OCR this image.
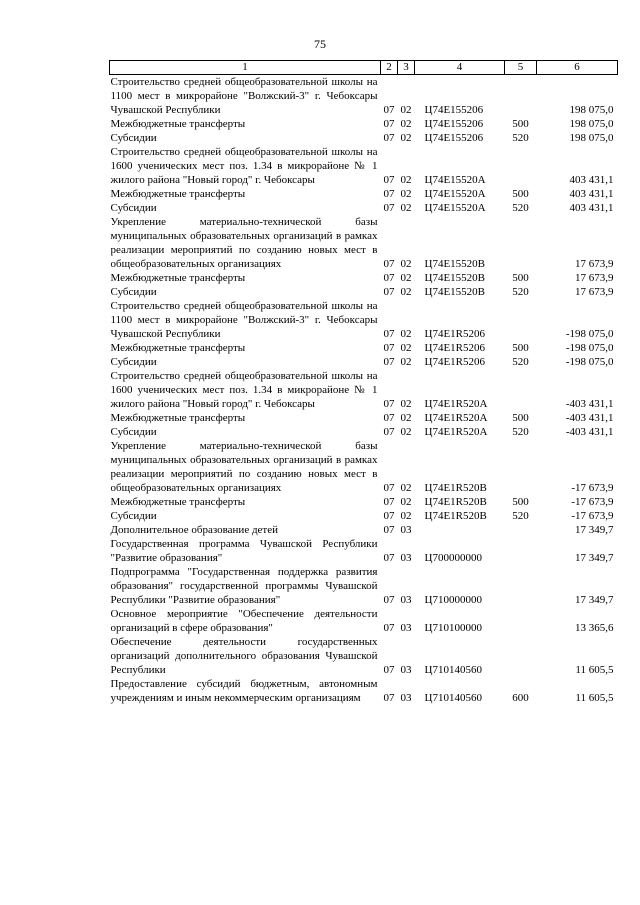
75
1	2	3	4	5	6
Строительство средней общеобразовательной школы на 1100 мест в микрорайоне "Волжский-3" г. Чебоксары Чувашской Республики	07	02	Ц74E155206		198 075,0
Межбюджетные трансферты	07	02	Ц74E155206	500	198 075,0
Субсидии	07	02	Ц74E155206	520	198 075,0
Строительство средней общеобразовательной школы на 1600 ученических мест поз. 1.34 в микрорайоне № 1 жилого района "Новый город" г. Чебоксары	07	02	Ц74E15520A		403 431,1
Межбюджетные трансферты	07	02	Ц74E15520A	500	403 431,1
Субсидии	07	02	Ц74E15520A	520	403 431,1
Укрепление материально-технической базы муниципальных образовательных организаций в рамках реализации мероприятий по созданию новых мест в общеобразовательных организациях	07	02	Ц74E15520B		17 673,9
Межбюджетные трансферты	07	02	Ц74E15520B	500	17 673,9
Субсидии	07	02	Ц74E15520B	520	17 673,9
Строительство средней общеобразовательной школы на 1100 мест в микрорайоне "Волжский-3" г. Чебоксары Чувашской Республики	07	02	Ц74E1R5206		-198 075,0
Межбюджетные трансферты	07	02	Ц74E1R5206	500	-198 075,0
Субсидии	07	02	Ц74E1R5206	520	-198 075,0
Строительство средней общеобразовательной школы на 1600 ученических мест поз. 1.34 в микрорайоне № 1 жилого района "Новый город" г. Чебоксары	07	02	Ц74E1R520A		-403 431,1
Межбюджетные трансферты	07	02	Ц74E1R520A	500	-403 431,1
Субсидии	07	02	Ц74E1R520A	520	-403 431,1
Укрепление материально-технической базы муниципальных образовательных организаций в рамках реализации мероприятий по созданию новых мест в общеобразовательных организациях	07	02	Ц74E1R520B		-17 673,9
Межбюджетные трансферты	07	02	Ц74E1R520B	500	-17 673,9
Субсидии	07	02	Ц74E1R520B	520	-17 673,9
Дополнительное образование детей	07	03			17 349,7
Государственная программа Чувашской Республики "Развитие образования"	07	03	Ц700000000		17 349,7
Подпрограмма "Государственная поддержка развития образования" государственной программы Чувашской Республики "Развитие образования"	07	03	Ц710000000		17 349,7
Основное мероприятие "Обеспечение деятельности организаций в сфере образования"	07	03	Ц710100000		13 365,6
Обеспечение деятельности государственных организаций дополнительного образования Чувашской Республики	07	03	Ц710140560		11 605,5
Предоставление субсидий бюджетным, автономным учреждениям и иным некоммерческим организациям	07	03	Ц710140560	600	11 605,5
